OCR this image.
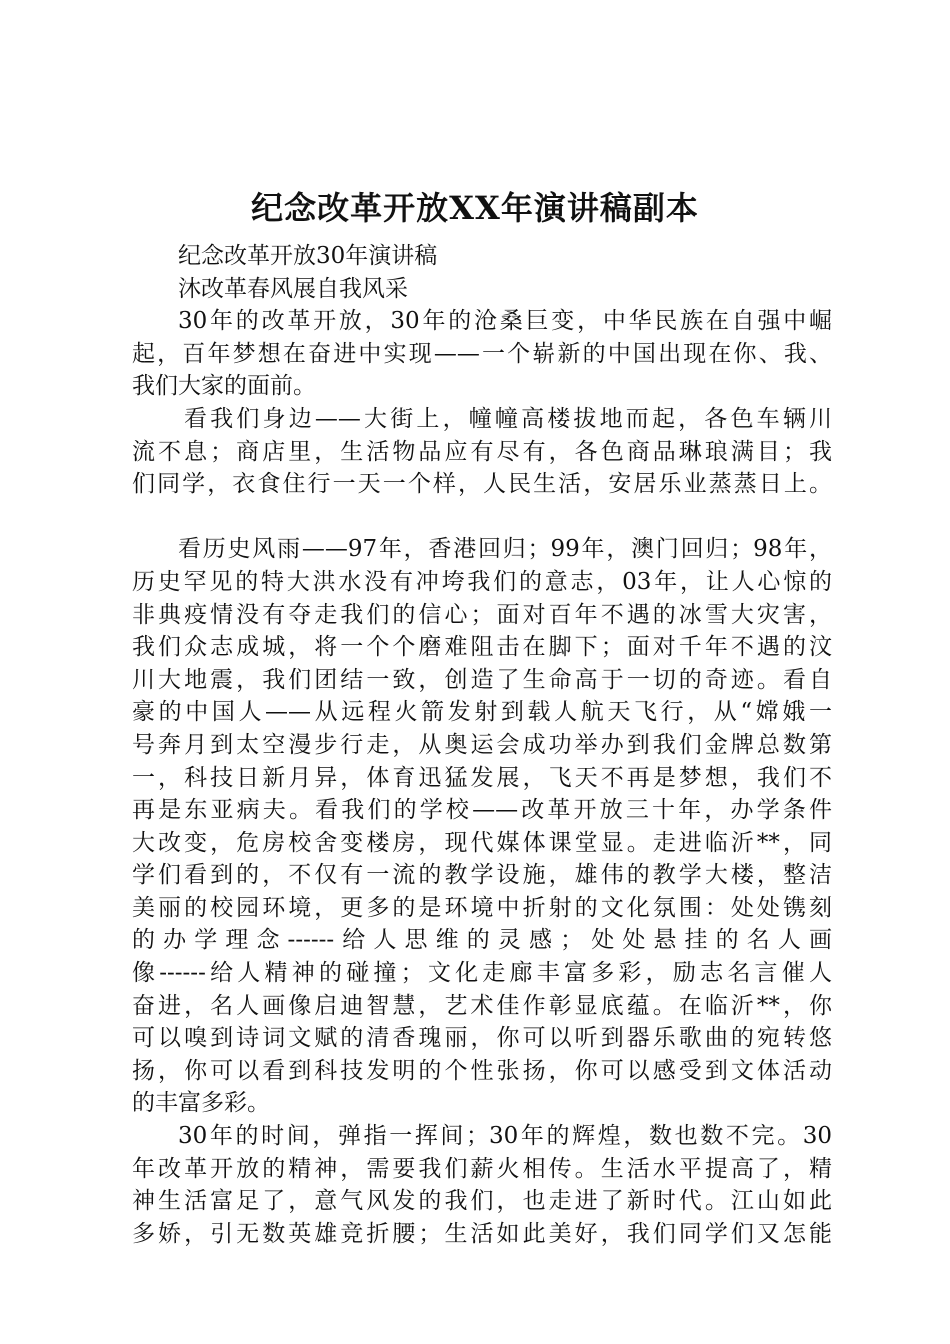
纪念改革开放XX年演讲稿副本
纪念改革开放30年演讲稿
沐改革春风展自我风采
30年的改革开放，30年的沧桑巨变，中华民族在自强中崛
起，百年梦想在奋进中实现——一个崭新的中国出现在你、我、
我们大家的面前。
看我们身边——大街上，幢幢高楼拔地而起，各色车辆川
流不息；商店里，生活物品应有尽有，各色商品琳琅满目；我
们同学，衣食住行一天一个样，人民生活，安居乐业蒸蒸日上。
看历史风雨——97年，香港回归；99年，澳门回归；98年，
历史罕见的特大洪水没有冲垮我们的意志，03年，让人心惊的
非典疫情没有夺走我们的信心；面对百年不遇的冰雪大灾害，
我们众志成城，将一个个磨难阻击在脚下；面对千年不遇的汶
川大地震，我们团结一致，创造了生命高于一切的奇迹。看自
豪的中国人——从远程火箭发射到载人航天飞行，从“嫦娥一
号奔月到太空漫步行走，从奥运会成功举办到我们金牌总数第
一，科技日新月异，体育迅猛发展，飞天不再是梦想，我们不
再是东亚病夫。看我们的学校——改革开放三十年，办学条件
大改变，危房校舍变楼房，现代媒体课堂显。走进临沂**，同
学们看到的，不仅有一流的教学设施，雄伟的教学大楼，整洁
美丽的校园环境，更多的是环境中折射的文化氛围：处处镌刻
的办学理念------给人思维的灵感；处处悬挂的名人画
像------给人精神的碰撞；文化走廊丰富多彩，励志名言催人
奋进，名人画像启迪智慧，艺术佳作彰显底蕴。在临沂**，你
可以嗅到诗词文赋的清香瑰丽，你可以听到器乐歌曲的宛转悠
扬，你可以看到科技发明的个性张扬，你可以感受到文体活动
的丰富多彩。
30年的时间，弹指一挥间；30年的辉煌，数也数不完。30
年改革开放的精神，需要我们薪火相传。生活水平提高了，精
神生活富足了，意气风发的我们，也走进了新时代。江山如此
多娇，引无数英雄竞折腰；生活如此美好，我们同学们又怎能
